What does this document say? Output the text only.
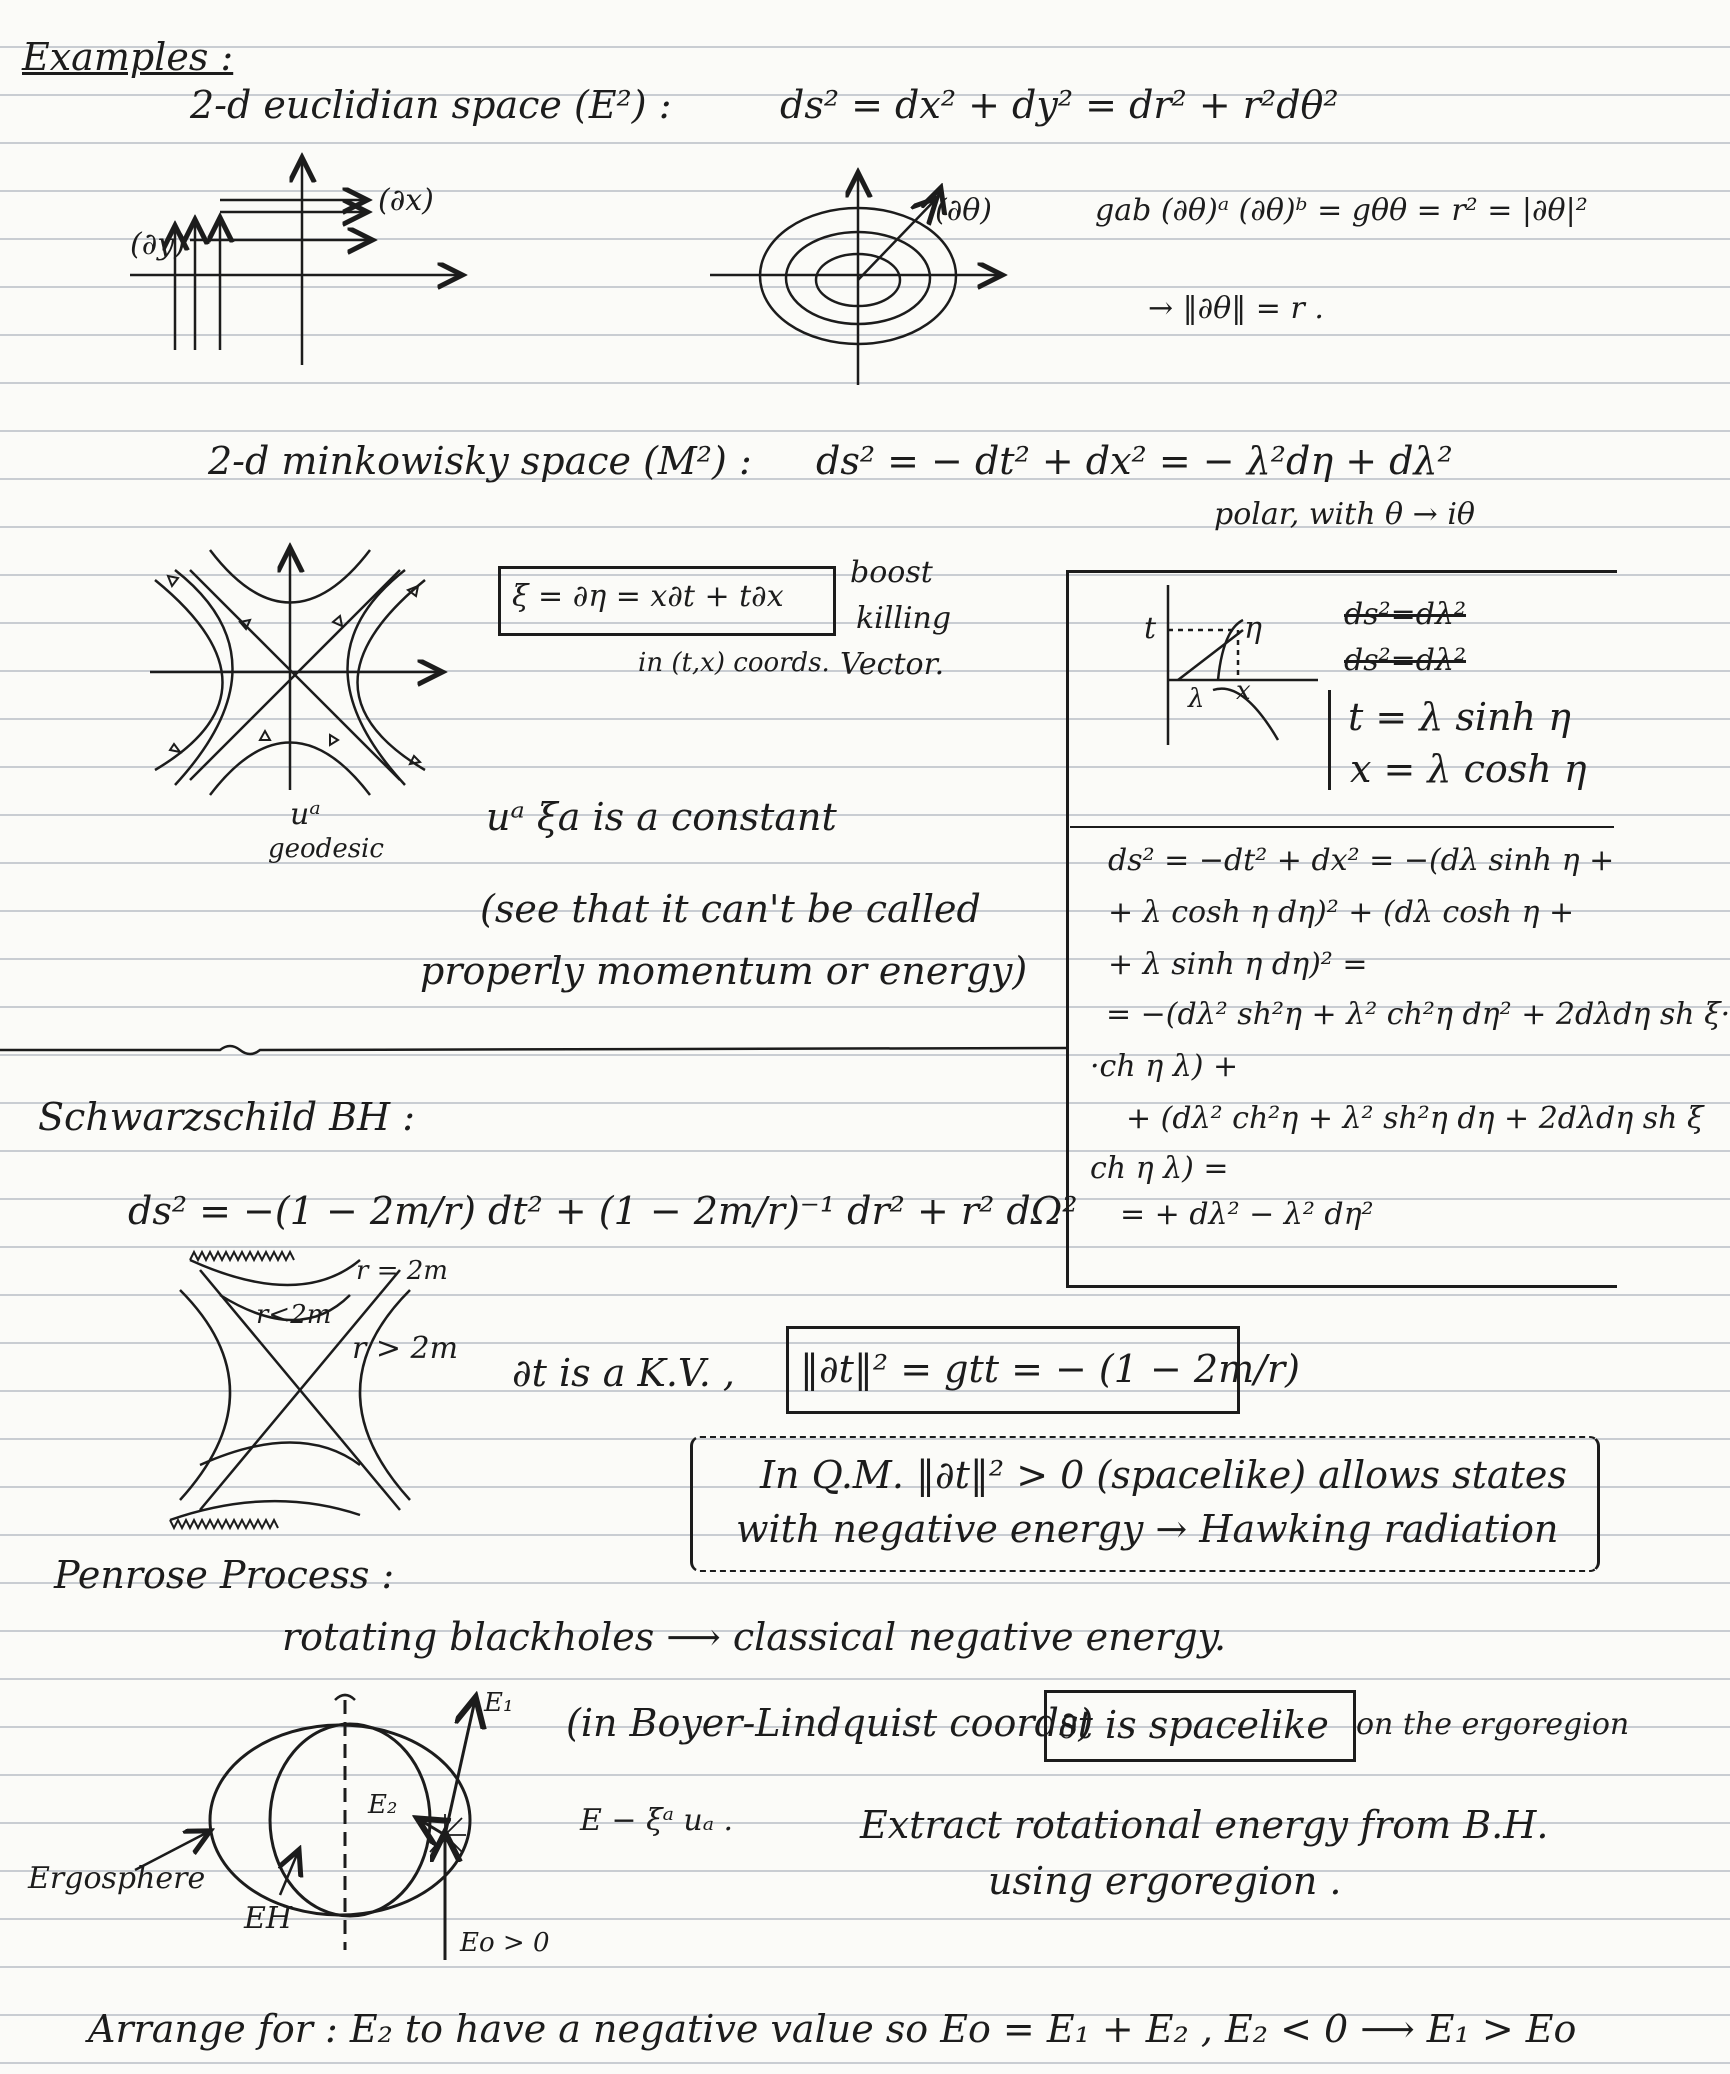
Examples :
2-d euclidian space (E²) :	ds² = dx² + dy² = dr² + r²dθ²
(∂x)
(∂y)
(∂θ)	gab (∂θ)ᵃ (∂θ)ᵇ = gθθ = r² = |∂θ|²
→ ‖∂θ‖ = r .
2-d minkowisky space (M²) : ds² = − dt² + dx² = − λ²dη + dλ²
polar, with θ → iθ
uᵃ
geodesic
ξ = ∂η = x∂t + t∂x
in (t,x) coords.
boost
killing
Vector.
uᵃ ξa is a constant
(see that it can't be called
properly momentum or energy)
t	η
λ x
ds²=dλ²
ds²=dλ²
t = λ sinh η
x = λ cosh η
ds² = −dt² + dx² = −(dλ sinh η +
+ λ cosh η dη)² + (dλ cosh η +
+ λ sinh η dη)² =
= −(dλ² sh²η + λ² ch²η dη² + 2dλdη sh ξ·
·ch η λ) +
+ (dλ² ch²η + λ² sh²η dη + 2dλdη sh ξ
ch η λ) =
= + dλ² − λ² dη²
Schwarzschild BH :
ds² = −(1 − 2m/r) dt² + (1 − 2m/r)⁻¹ dr² + r² dΩ²
r = 2m
r<2m
r > 2m
∂t is a K.V. , ‖∂t‖² = gtt = − (1 − 2m/r)
In Q.M. ‖∂t‖² > 0 (spacelike) allows states
with negative energy → Hawking radiation
Penrose Process :
rotating blackholes ⟶ classical negative energy.
E₁
E₂
Eo > 0
Ergosphere
EH
(in Boyer-Lindquist coords)
∂t is spacelike on the ergoregion
E − ξᵃ uₐ .	Extract rotational energy from B.H.
using ergoregion .
Arrange for : E₂ to have a negative value so Eo = E₁ + E₂ , E₂ < 0 ⟶ E₁ > Eo
